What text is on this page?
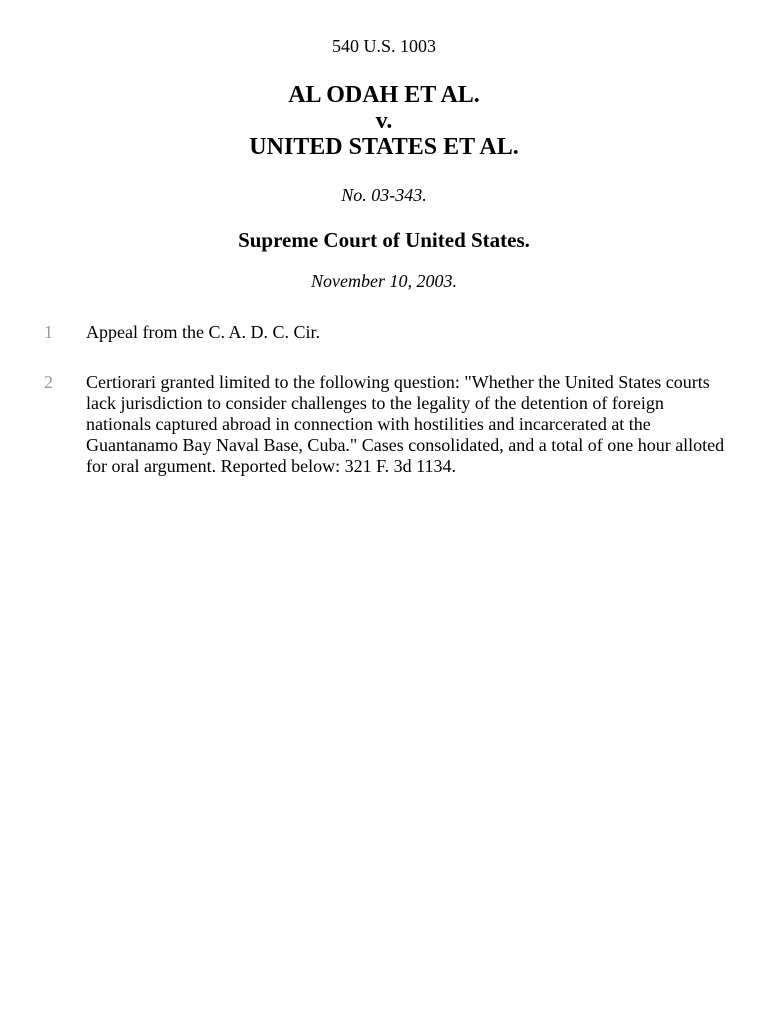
540 U.S. 1003

AL ODAH ET AL.
v.
UNITED STATES ET AL.

No. 03-343.

Supreme Court of United States.

November 10, 2003.

1 Appeal from the C. A. D. C. Cir.

2 Certiorari granted limited to the following question: "Whether the United States courts lack jurisdiction to consider challenges to the legality of the detention of foreign nationals captured abroad in connection with hostilities and incarcerated at the Guantanamo Bay Naval Base, Cuba." Cases consolidated, and a total of one hour alloted for oral argument. Reported below: 321 F. 3d 1134.
